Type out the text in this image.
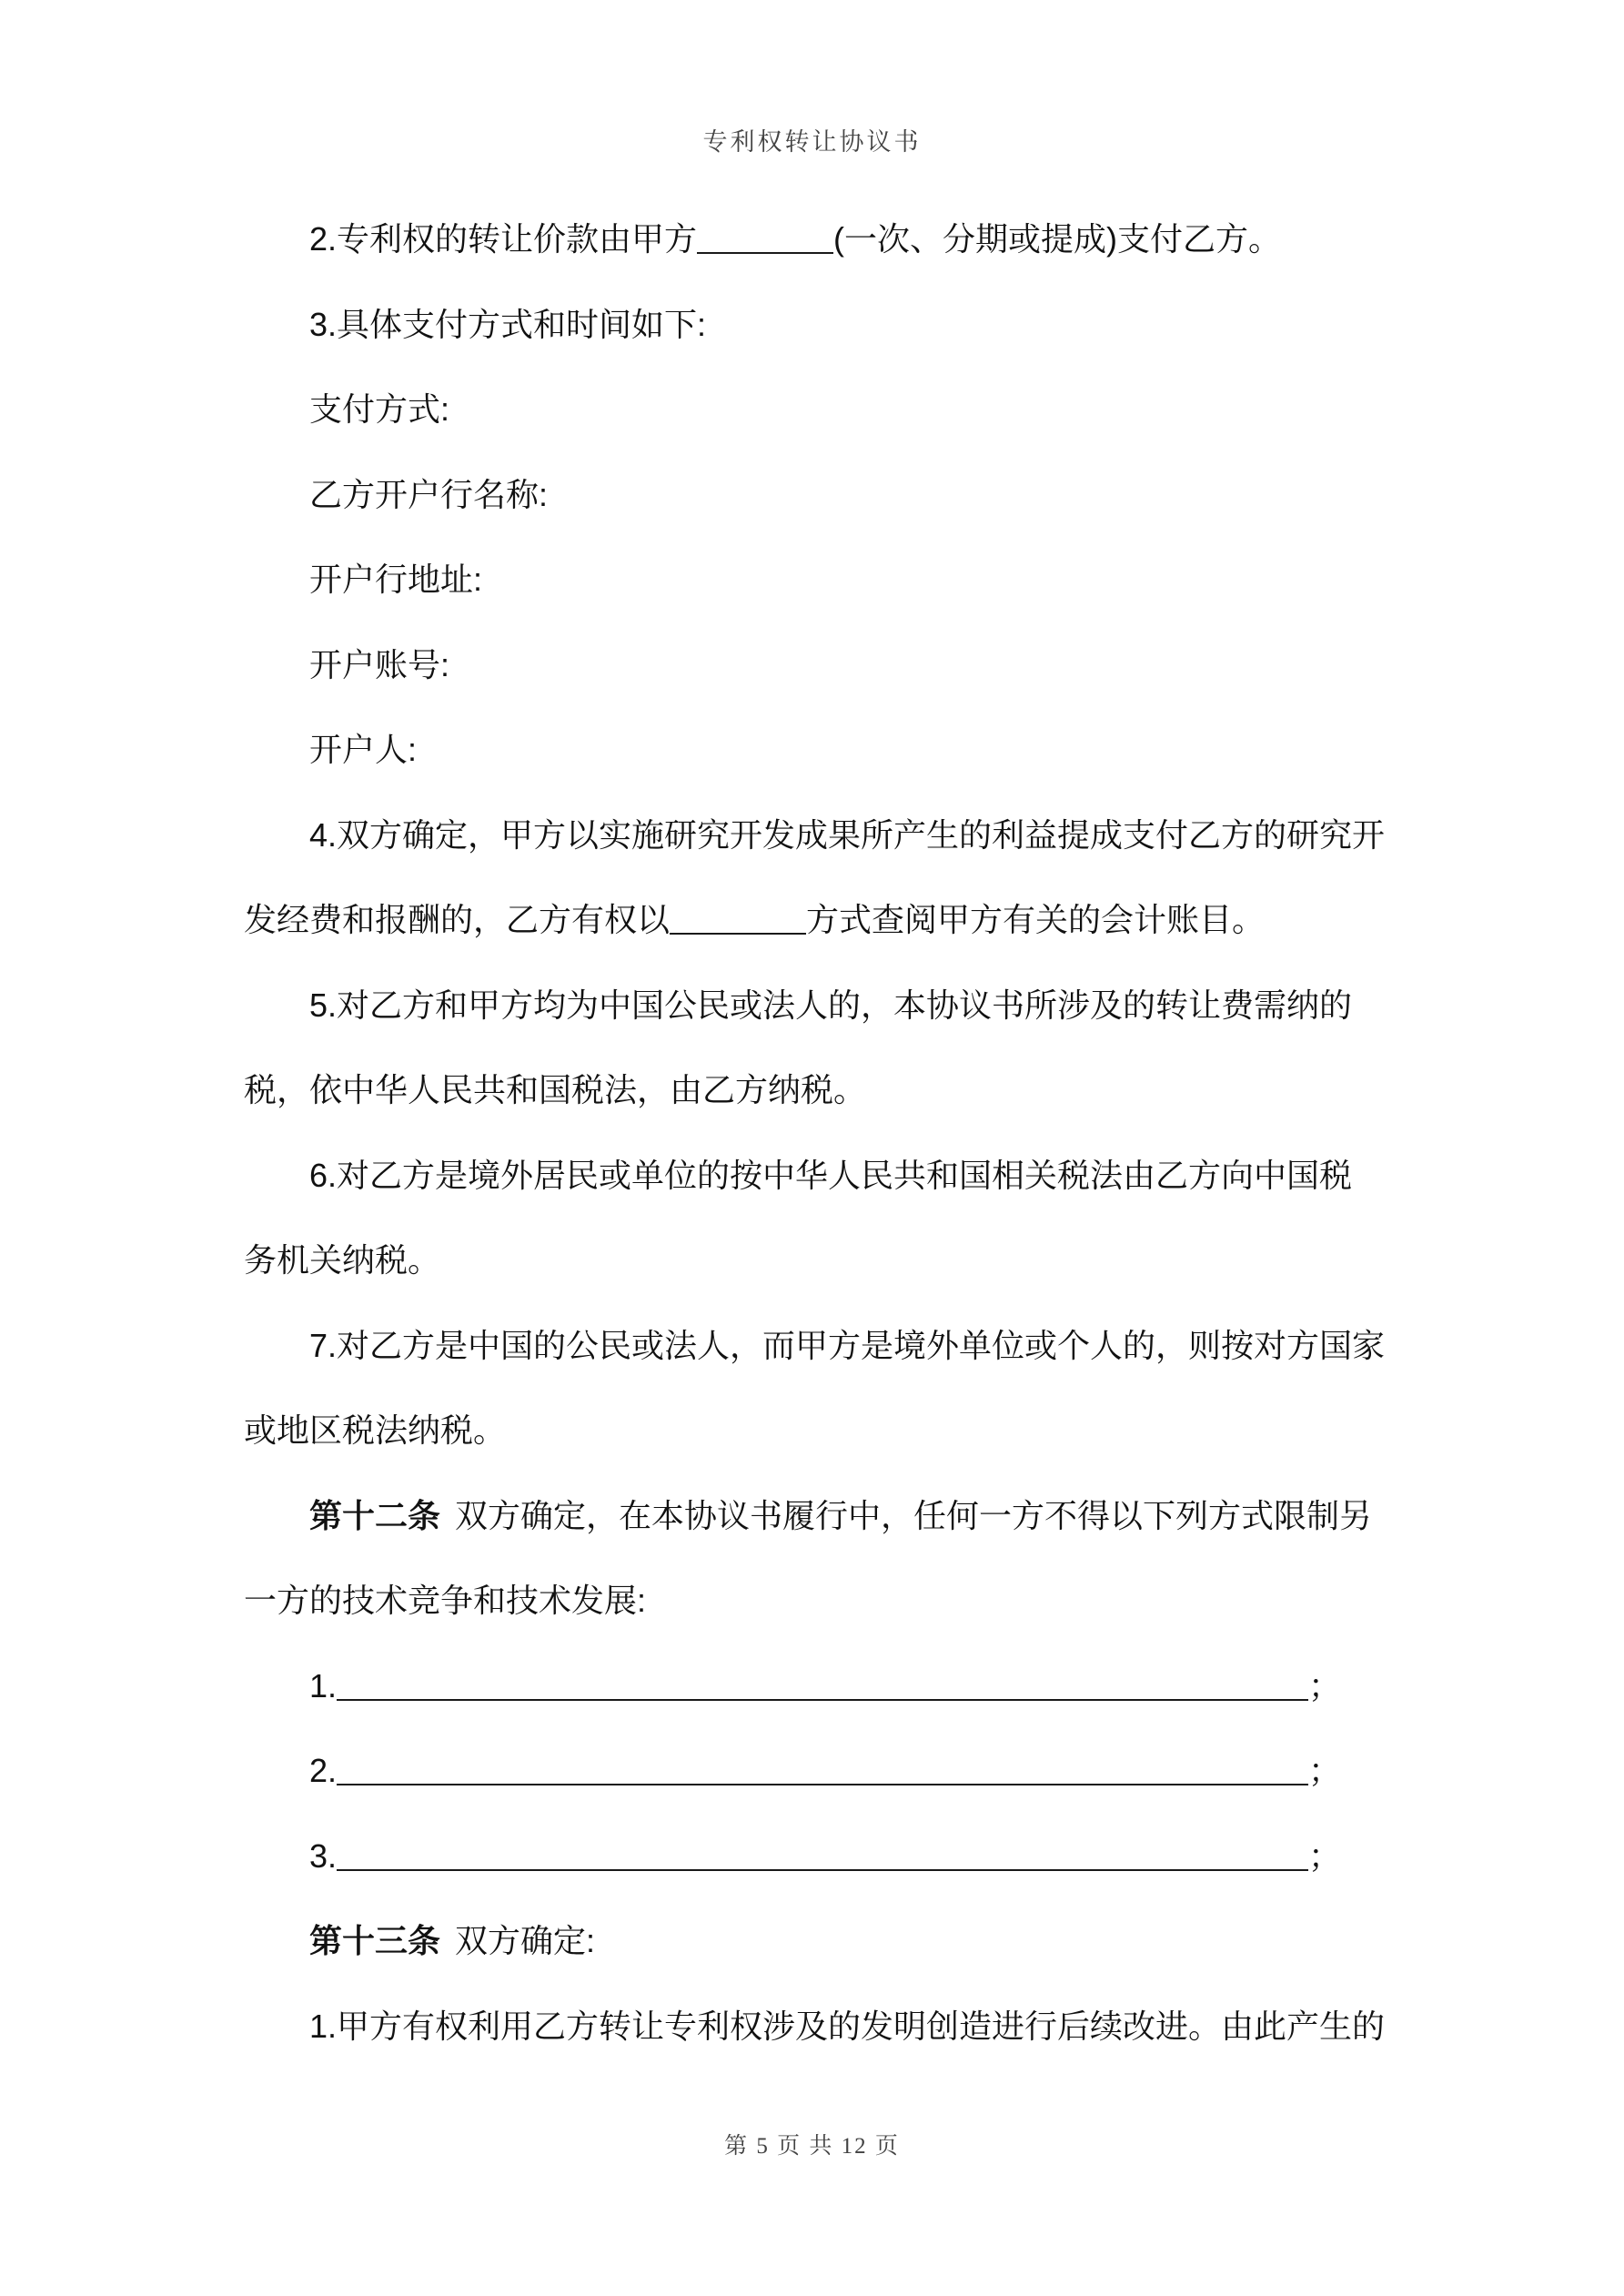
专利权转让协议书
2.专利权的转让价款由甲方	(一次、分期或提成)支付乙方。
3.具体支付方式和时间如下:
支付方式:
乙方开户行名称:
开户行地址:
开户账号:
开户人:
4.双方确定，甲方以实施研究开发成果所产生的利益提成支付乙方的研究开
发经费和报酬的，乙方有权以	方式查阅甲方有关的会计账目。
5.对乙方和甲方均为中国公民或法人的，本协议书所涉及的转让费需纳的
税，依中华人民共和国税法，由乙方纳税。
6.对乙方是境外居民或单位的按中华人民共和国相关税法由乙方向中国税
务机关纳税。
7.对乙方是中国的公民或法人，而甲方是境外单位或个人的，则按对方国家
或地区税法纳税。
第十二条 双方确定，在本协议书履行中，任何一方不得以下列方式限制另
一方的技术竞争和技术发展:
1.	；
2.	；
3.	；
第十三条 双方确定:
1.甲方有权利用乙方转让专利权涉及的发明创造进行后续改进。由此产生的
第 5 页 共 12 页
